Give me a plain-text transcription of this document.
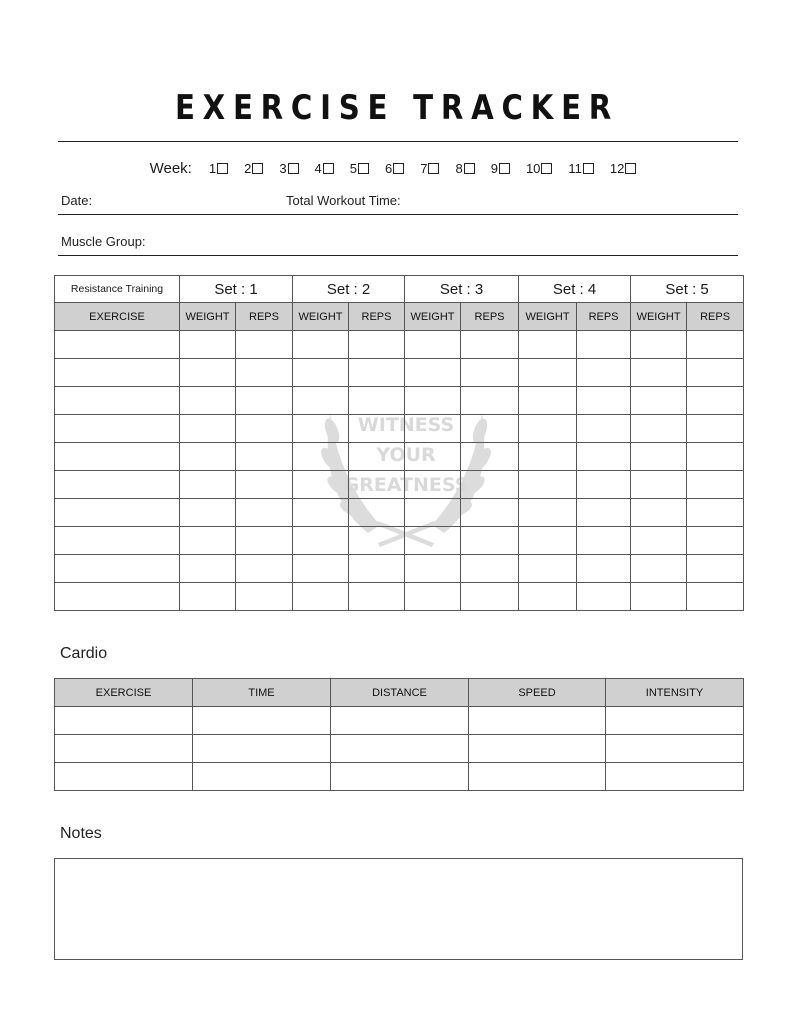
EXERCISE TRACKER
Week: 1 2 3 4 5 6 7 8 9 10 11 12
Date:	Total Workout Time:
Muscle Group:
Resistance Training	Set : 1		Set : 2		Set : 3		Set : 4		Set : 5	
EXERCISE	WEIGHT	REPS	WEIGHT	REPS	WEIGHT	REPS	WEIGHT	REPS	WEIGHT	REPS

WITNESS
YOUR
GREATNESS
Cardio
EXERCISE	TIME	DISTANCE	SPEED	INTENSITY

Notes
